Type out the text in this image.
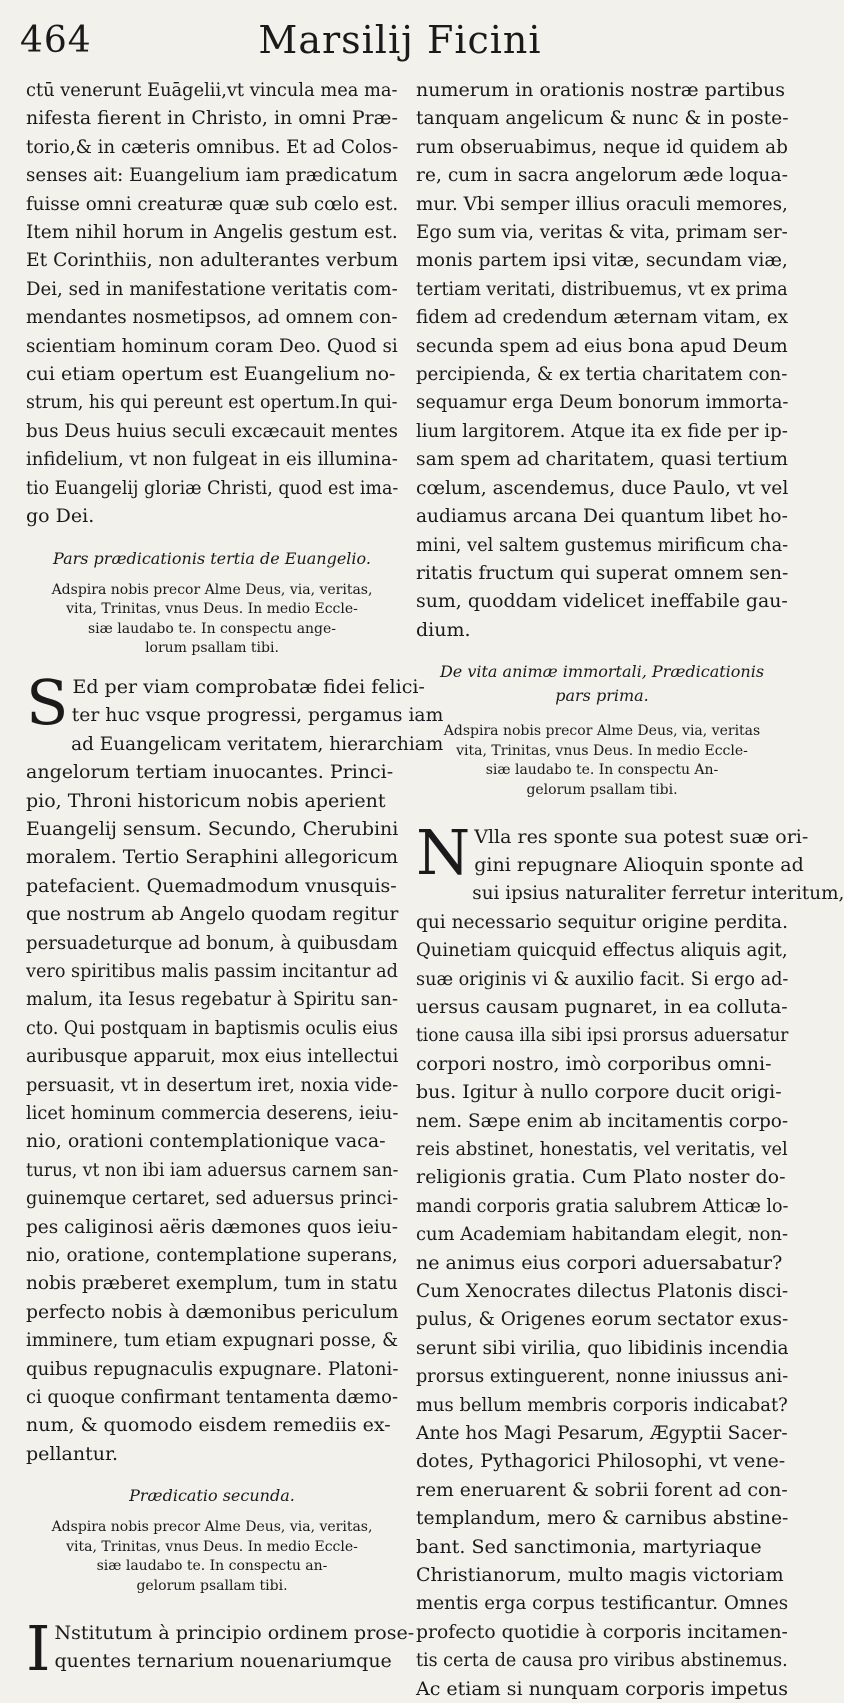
464	Marsilij Ficini
ctū venerunt Euāgelii,vt vincula mea ma-
nifesta fierent in Christo, in omni Præ-
torio,& in cæteris omnibus. Et ad Colos-
senses ait: Euangelium iam prædicatum
fuisse omni creaturæ quæ sub cœlo est.
Item nihil horum in Angelis gestum est.
Et Corinthiis, non adulterantes verbum
Dei, sed in manifestatione veritatis com-
mendantes nosmetipsos, ad omnem con-
scientiam hominum coram Deo. Quod si
cui etiam opertum est Euangelium no-
strum, his qui pereunt est opertum.In qui-
bus Deus huius seculi excæcauit mentes
infidelium, vt non fulgeat in eis illumina-
tio Euangelij gloriæ Christi, quod est ima-
go Dei.
Pars prædicationis tertia de Euangelio.
Adspira nobis precor Alme Deus, via, veritas,
vita, Trinitas, vnus Deus. In medio Eccle-
siæ laudabo te. In conspectu ange-
lorum psallam tibi.
S Ed per viam comprobatæ fidei felici-
ter huc vsque progressi, pergamus iam
ad Euangelicam veritatem, hierarchiam
angelorum tertiam inuocantes. Princi-
pio, Throni historicum nobis aperient
Euangelij sensum. Secundo, Cherubini
moralem. Tertio Seraphini allegoricum
patefacient. Quemadmodum vnusquis-
que nostrum ab Angelo quodam regitur
persuadeturque ad bonum, à quibusdam
vero spiritibus malis passim incitantur ad
malum, ita Iesus regebatur à Spiritu san-
cto. Qui postquam in baptismis oculis eius
auribusque apparuit, mox eius intellectui
persuasit, vt in desertum iret, noxia vide-
licet hominum commercia deserens, ieiu-
nio, orationi contemplationique vaca-
turus, vt non ibi iam aduersus carnem san-
guinemque certaret, sed aduersus princi-
pes caliginosi aëris dæmones quos ieiu-
nio, oratione, contemplatione superans,
nobis præberet exemplum, tum in statu
perfecto nobis à dæmonibus periculum
imminere, tum etiam expugnari posse, &
quibus repugnaculis expugnare. Platoni-
ci quoque confirmant tentamenta dæmo-
num, & quomodo eisdem remediis ex-
pellantur.
Prædicatio secunda.
Adspira nobis precor Alme Deus, via, veritas,
vita, Trinitas, vnus Deus. In medio Eccle-
siæ laudabo te. In conspectu an-
gelorum psallam tibi.
I Nstitutum à principio ordinem prose-
quentes ternarium nouenariumque
numerum in orationis nostræ partibus
tanquam angelicum & nunc & in poste-
rum obseruabimus, neque id quidem ab
re, cum in sacra angelorum æde loqua-
mur. Vbi semper illius oraculi memores,
Ego sum via, veritas & vita, primam ser-
monis partem ipsi vitæ, secundam viæ,
tertiam veritati, distribuemus, vt ex prima
fidem ad credendum æternam vitam, ex
secunda spem ad eius bona apud Deum
percipienda, & ex tertia charitatem con-
sequamur erga Deum bonorum immorta-
lium largitorem. Atque ita ex fide per ip-
sam spem ad charitatem, quasi tertium
cœlum, ascendemus, duce Paulo, vt vel
audiamus arcana Dei quantum libet ho-
mini, vel saltem gustemus mirificum cha-
ritatis fructum qui superat omnem sen-
sum, quoddam videlicet ineffabile gau-
dium.
De vita animæ immortali, Prædicationis
pars prima.
Adspira nobis precor Alme Deus, via, veritas
vita, Trinitas, vnus Deus. In medio Eccle-
siæ laudabo te. In conspectu An-
gelorum psallam tibi.
N Vlla res sponte sua potest suæ ori-
gini repugnare Alioquin sponte ad
sui ipsius naturaliter ferretur interitum,
qui necessario sequitur origine perdita.
Quinetiam quicquid effectus aliquis agit,
suæ originis vi & auxilio facit. Si ergo ad-
uersus causam pugnaret, in ea colluta-
tione causa illa sibi ipsi prorsus aduersatur
corpori nostro, imò corporibus omni-
bus. Igitur à nullo corpore ducit origi-
nem. Sæpe enim ab incitamentis corpo-
reis abstinet, honestatis, vel veritatis, vel
religionis gratia. Cum Plato noster do-
mandi corporis gratia salubrem Atticæ lo-
cum Academiam habitandam elegit, non-
ne animus eius corpori aduersabatur?
Cum Xenocrates dilectus Platonis disci-
pulus, & Origenes eorum sectator exus-
serunt sibi virilia, quo libidinis incendia
prorsus extinguerent, nonne iniussus ani-
mus bellum membris corporis indicabat?
Ante hos Magi Pesarum, Ægyptii Sacer-
dotes, Pythagorici Philosophi, vt vene-
rem eneruarent & sobrii forent ad con-
templandum, mero & carnibus abstine-
bant. Sed sanctimonia, martyriaque
Christianorum, multo magis victoriam
mentis erga corpus testificantur. Omnes
profecto quotidie à corporis incitamen-
tis certa de causa pro viribus abstinemus.
Ac etiam si nunquam corporis impetus
